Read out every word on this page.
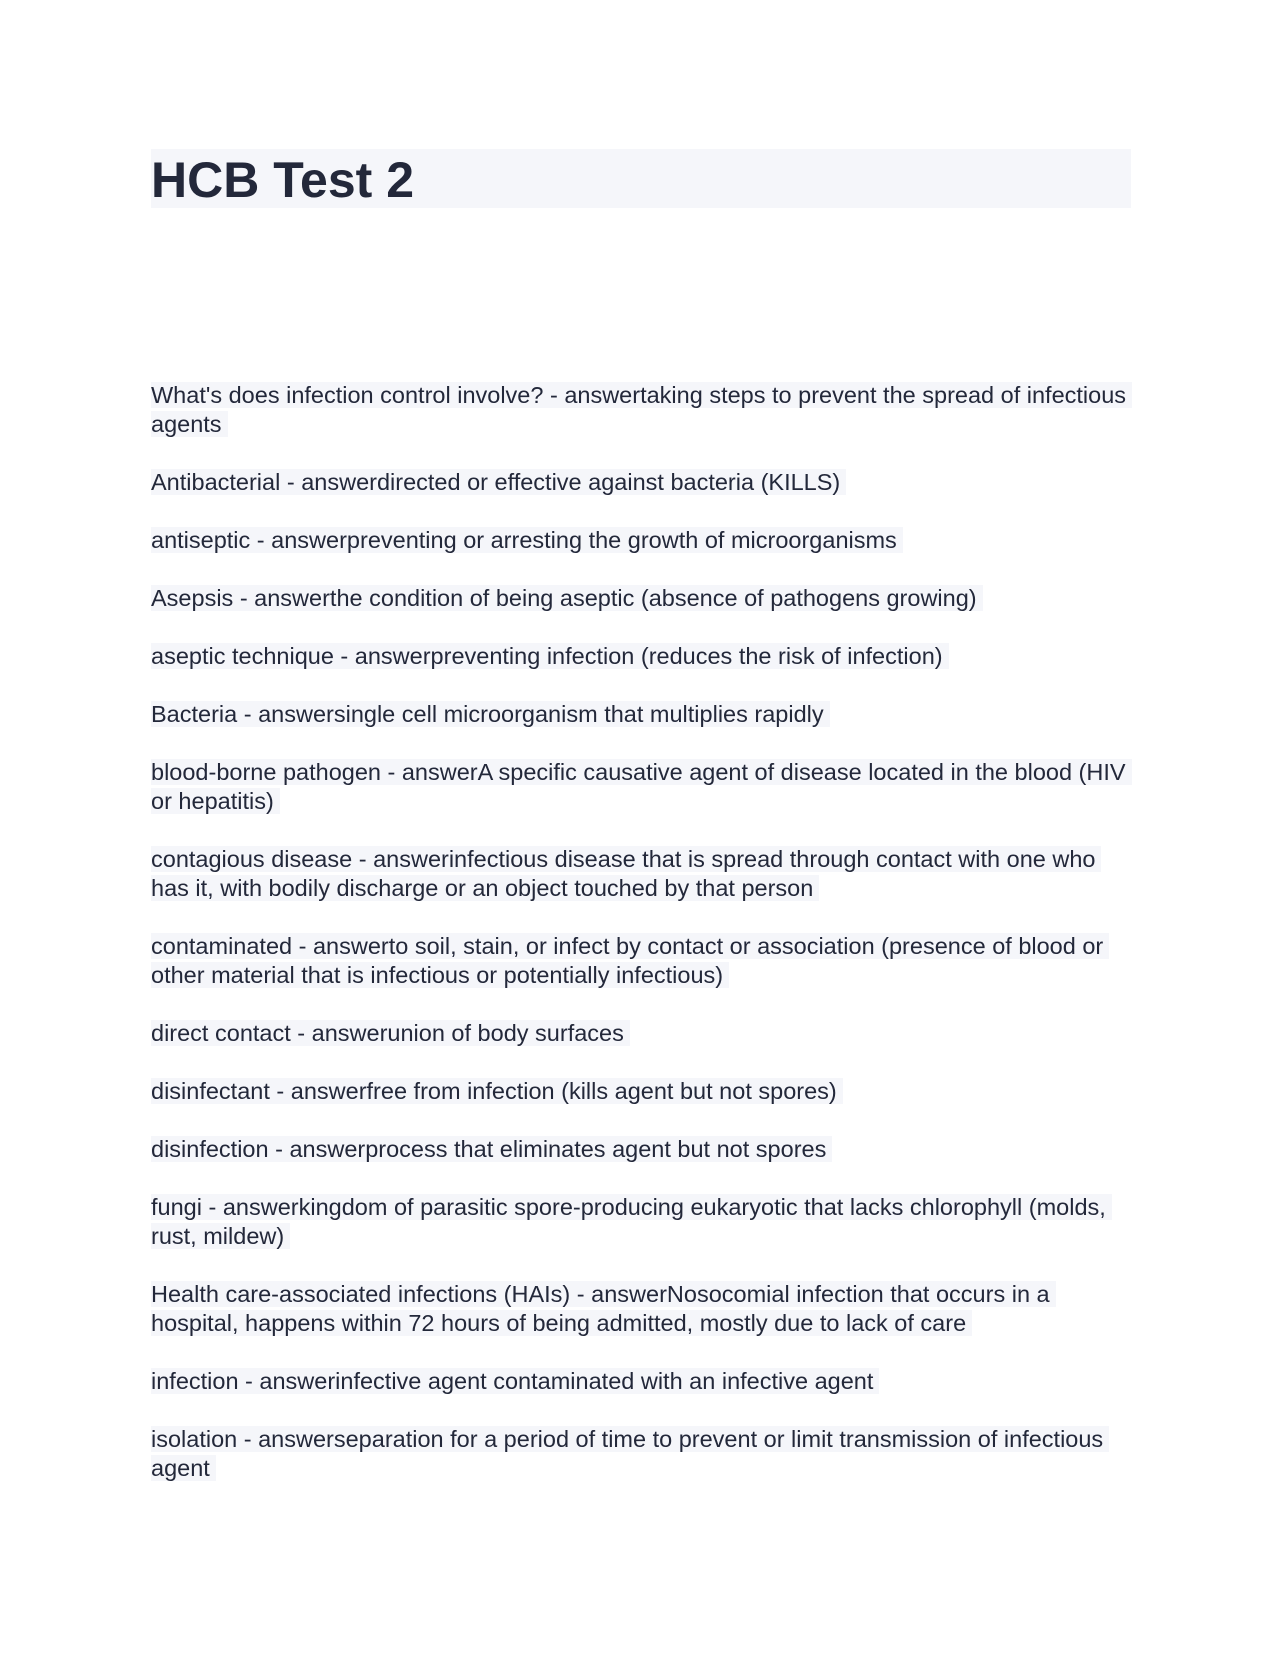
HCB Test 2
What's does infection control involve? - answertaking steps to prevent the spread of infectious agents
Antibacterial - answerdirected or effective against bacteria (KILLS)
antiseptic - answerpreventing or arresting the growth of microorganisms
Asepsis - answerthe condition of being aseptic (absence of pathogens growing)
aseptic technique - answerpreventing infection (reduces the risk of infection)
Bacteria - answersingle cell microorganism that multiplies rapidly
blood-borne pathogen - answerA specific causative agent of disease located in the blood (HIV or hepatitis)
contagious disease - answerinfectious disease that is spread through contact with one who has it, with bodily discharge or an object touched by that person
contaminated - answerto soil, stain, or infect by contact or association (presence of blood or other material that is infectious or potentially infectious)
direct contact - answerunion of body surfaces
disinfectant - answerfree from infection (kills agent but not spores)
disinfection - answerprocess that eliminates agent but not spores
fungi - answerkingdom of parasitic spore-producing eukaryotic that lacks chlorophyll (molds, rust, mildew)
Health care-associated infections (HAIs) - answerNosocomial infection that occurs in a hospital, happens within 72 hours of being admitted, mostly due to lack of care
infection - answerinfective agent contaminated with an infective agent
isolation - answerseparation for a period of time to prevent or limit transmission of infectious agent
